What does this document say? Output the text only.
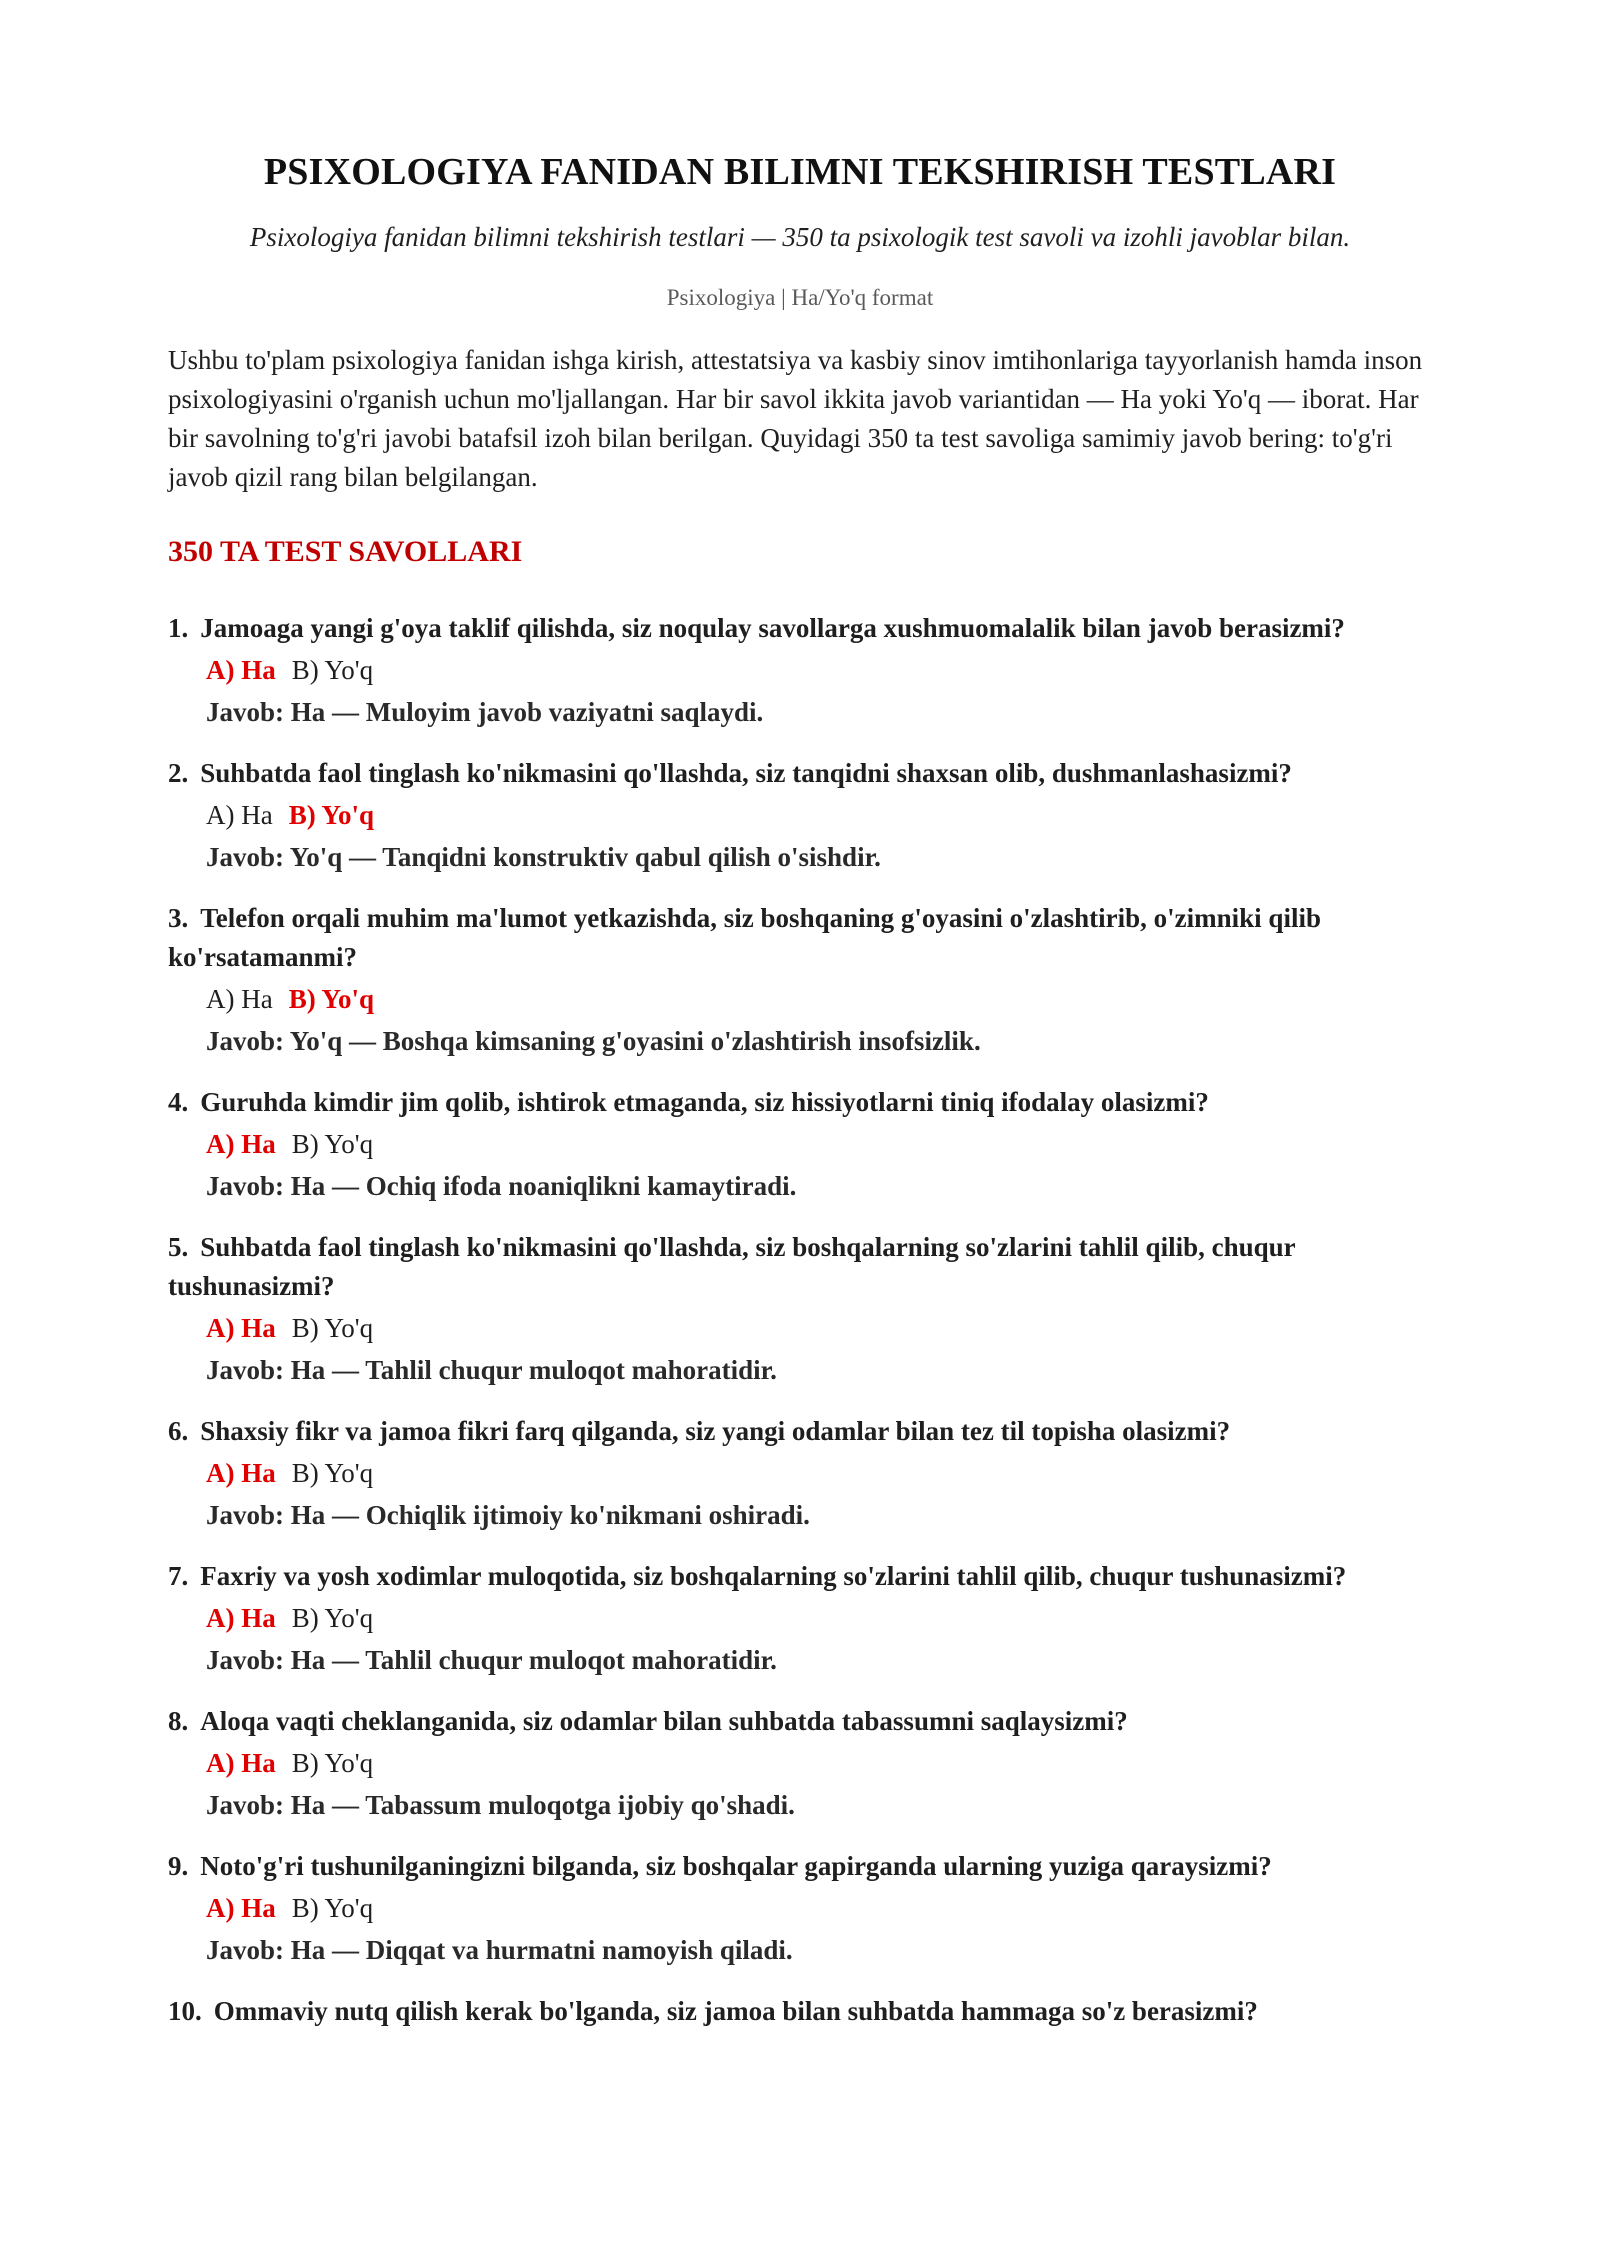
PSIXOLOGIYA FANIDAN BILIMNI TEKSHIRISH TESTLARI

Psixologiya fanidan bilimni tekshirish testlari — 350 ta psixologik test savoli va izohli javoblar bilan.

Psixologiya | Ha/Yo'q format

Ushbu to'plam psixologiya fanidan ishga kirish, attestatsiya va kasbiy sinov imtihonlariga tayyorlanish hamda inson psixologiyasini o'rganish uchun mo'ljallangan. Har bir savol ikkita javob variantidan — Ha yoki Yo'q — iborat. Har bir savolning to'g'ri javobi batafsil izoh bilan berilgan. Quyidagi 350 ta test savoliga samimiy javob bering: to'g'ri javob qizil rang bilan belgilangan.

350 TA TEST SAVOLLARI
1. Jamoaga yangi g'oya taklif qilishda, siz noqulay savollarga xushmuomalalik bilan javob berasizmi?
A) Ha B) Yo'q
Javob: Ha — Muloyim javob vaziyatni saqlaydi.
2. Suhbatda faol tinglash ko'nikmasini qo'llashda, siz tanqidni shaxsan olib, dushmanlashasizmi?
A) Ha B) Yo'q
Javob: Yo'q — Tanqidni konstruktiv qabul qilish o'sishdir.
3. Telefon orqali muhim ma'lumot yetkazishda, siz boshqaning g'oyasini o'zlashtirib, o'zimniki qilib ko'rsatamanmi?
A) Ha B) Yo'q
Javob: Yo'q — Boshqa kimsaning g'oyasini o'zlashtirish insofsizlik.
4. Guruhda kimdir jim qolib, ishtirok etmaganda, siz hissiyotlarni tiniq ifodalay olasizmi?
A) Ha B) Yo'q
Javob: Ha — Ochiq ifoda noaniqlikni kamaytiradi.
5. Suhbatda faol tinglash ko'nikmasini qo'llashda, siz boshqalarning so'zlarini tahlil qilib, chuqur tushunasizmi?
A) Ha B) Yo'q
Javob: Ha — Tahlil chuqur muloqot mahoratidir.
6. Shaxsiy fikr va jamoa fikri farq qilganda, siz yangi odamlar bilan tez til topisha olasizmi?
A) Ha B) Yo'q
Javob: Ha — Ochiqlik ijtimoiy ko'nikmani oshiradi.
7. Faxriy va yosh xodimlar muloqotida, siz boshqalarning so'zlarini tahlil qilib, chuqur tushunasizmi?
A) Ha B) Yo'q
Javob: Ha — Tahlil chuqur muloqot mahoratidir.
8. Aloqa vaqti cheklanganida, siz odamlar bilan suhbatda tabassumni saqlaysizmi?
A) Ha B) Yo'q
Javob: Ha — Tabassum muloqotga ijobiy qo'shadi.
9. Noto'g'ri tushunilganingizni bilganda, siz boshqalar gapirganda ularning yuziga qaraysizmi?
A) Ha B) Yo'q
Javob: Ha — Diqqat va hurmatni namoyish qiladi.
10. Ommaviy nutq qilish kerak bo'lganda, siz jamoa bilan suhbatda hammaga so'z berasizmi?
